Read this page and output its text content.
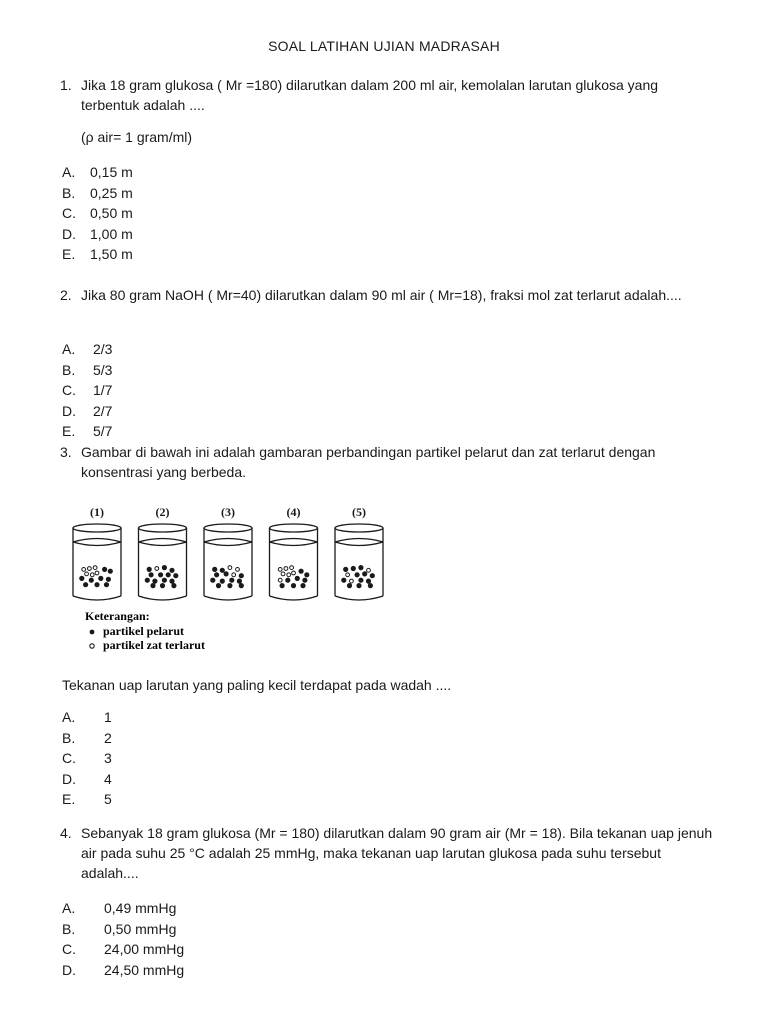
SOAL LATIHAN UJIAN MADRASAH
1. Jika 18 gram glukosa ( Mr =180) dilarutkan dalam 200 ml air, kemolalan larutan glukosa yang terbentuk adalah ....
(ρ air= 1 gram/ml)
A.	0,15 m
B.	0,25 m
C.	0,50 m
D.	1,00 m
E.	1,50 m
2. Jika 80 gram NaOH ( Mr=40) dilarutkan dalam 90 ml air ( Mr=18), fraksi mol zat terlarut adalah....
A.	2/3
B.	5/3
C.	1/7
D.	2/7
E.	5/7
3. Gambar di bawah ini adalah gambaran perbandingan partikel pelarut dan zat terlarut dengan konsentrasi yang berbeda.
(1)	(2)	(3)	(4)	(5)
Keterangan:
partikel pelarut
partikel zat terlarut
Tekanan uap larutan yang paling kecil terdapat pada wadah ....
A.	1
B.	2
C.	3
D.	4
E.	5
4. Sebanyak 18 gram glukosa (Mr = 180) dilarutkan dalam 90 gram air (Mr = 18). Bila tekanan uap jenuh air pada suhu 25 °C adalah 25 mmHg, maka tekanan uap larutan glukosa pada suhu tersebut adalah....
A.	0,49 mmHg
B.	0,50 mmHg
C.	24,00 mmHg
D.	24,50 mmHg
